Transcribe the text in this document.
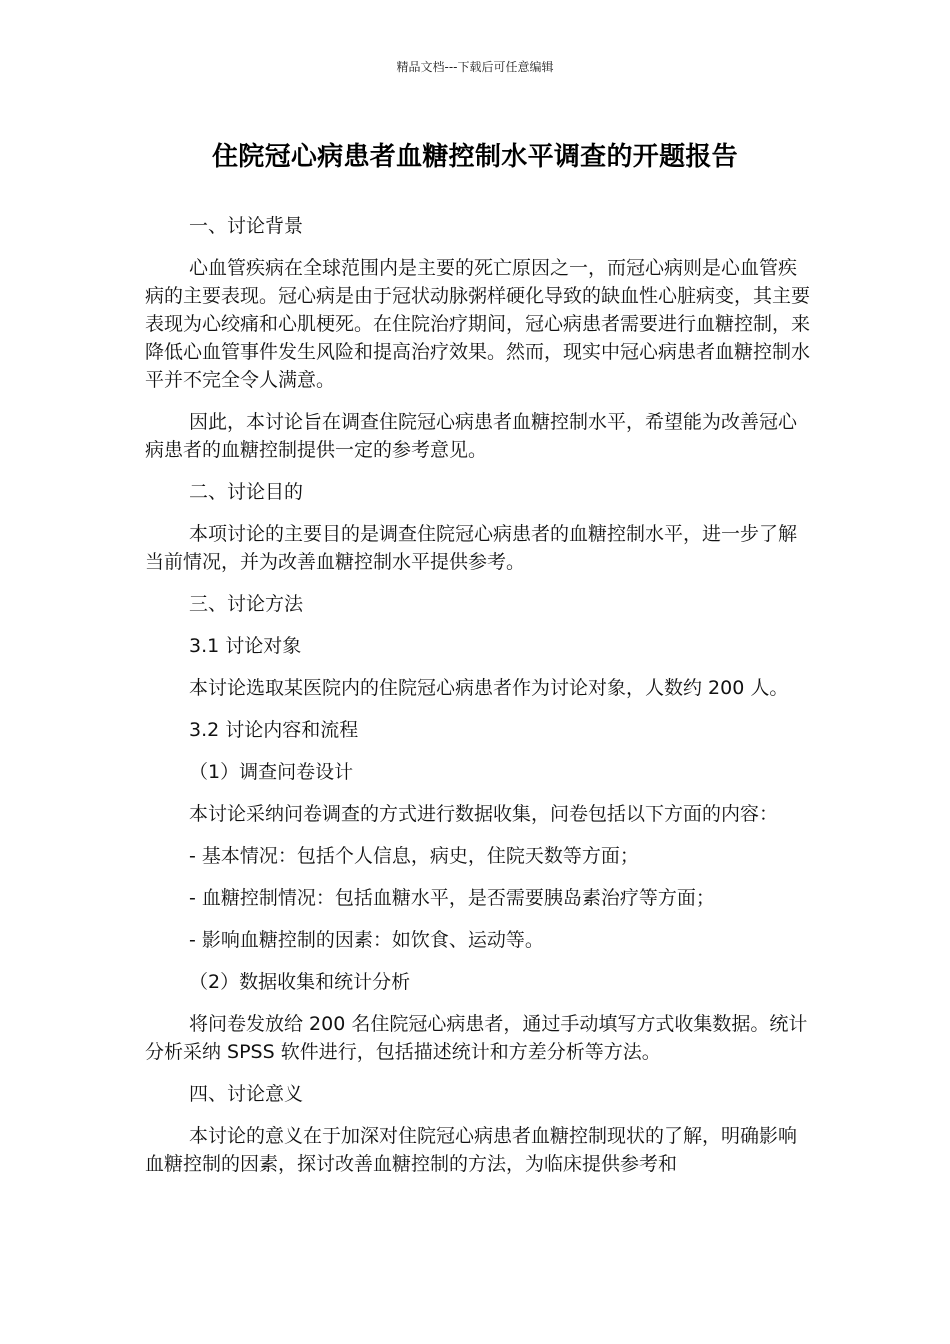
精品文档---下载后可任意编辑
住院冠心病患者血糖控制水平调查的开题报告

一、讨论背景

心血管疾病在全球范围内是主要的死亡原因之一，而冠心病则是心血管疾病的主要表现。冠心病是由于冠状动脉粥样硬化导致的缺血性心脏病变，其主要表现为心绞痛和心肌梗死。在住院治疗期间，冠心病患者需要进行血糖控制，来降低心血管事件发生风险和提高治疗效果。然而，现实中冠心病患者血糖控制水平并不完全令人满意。

因此，本讨论旨在调查住院冠心病患者血糖控制水平，希望能为改善冠心病患者的血糖控制提供一定的参考意见。

二、讨论目的

本项讨论的主要目的是调查住院冠心病患者的血糖控制水平，进一步了解当前情况，并为改善血糖控制水平提供参考。

三、讨论方法

3.1 讨论对象

本讨论选取某医院内的住院冠心病患者作为讨论对象，人数约 200 人。

3.2 讨论内容和流程

（1）调查问卷设计

本讨论采纳问卷调查的方式进行数据收集，问卷包括以下方面的内容：

- 基本情况：包括个人信息，病史，住院天数等方面；

- 血糖控制情况：包括血糖水平，是否需要胰岛素治疗等方面；

- 影响血糖控制的因素：如饮食、运动等。

（2）数据收集和统计分析

将问卷发放给 200 名住院冠心病患者，通过手动填写方式收集数据。统计分析采纳 SPSS 软件进行，包括描述统计和方差分析等方法。

四、讨论意义

本讨论的意义在于加深对住院冠心病患者血糖控制现状的了解，明确影响血糖控制的因素，探讨改善血糖控制的方法，为临床提供参考和
